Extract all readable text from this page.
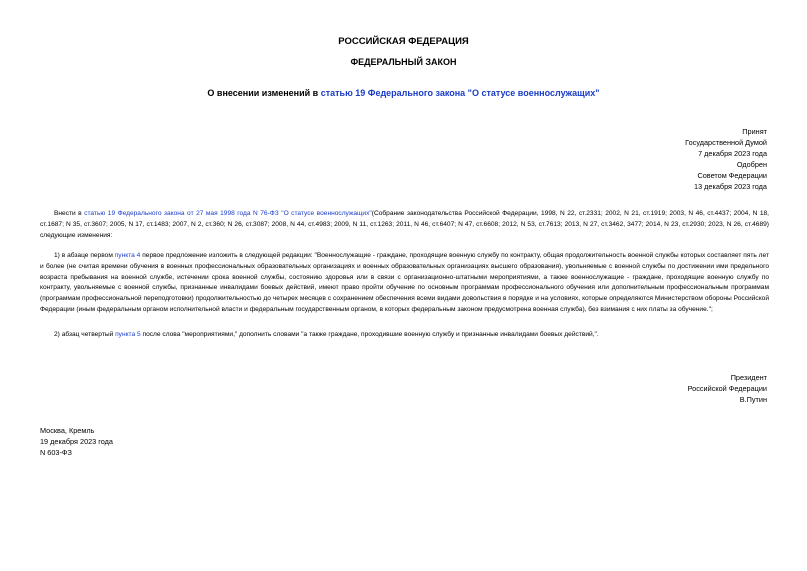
РОССИЙСКАЯ ФЕДЕРАЦИЯ
ФЕДЕРАЛЬНЫЙ ЗАКОН
О внесении изменений в статью 19 Федерального закона "О статусе военнослужащих"
Принят
Государственной Думой
7 декабря 2023 года
Одобрен
Советом Федерации
13 декабря 2023 года
Внести в статью 19 Федерального закона от 27 мая 1998 года N 76-ФЗ "О статусе военнослужащих"(Собрание законодательства Российской Федерации, 1998, N 22, ст.2331; 2002, N 21, ст.1919; 2003, N 46, ст.4437; 2004, N 18, ст.1687; N 35, ст.3607; 2005, N 17, ст.1483; 2007, N 2, ст.360; N 26, ст.3087; 2008, N 44, ст.4983; 2009, N 11, ст.1263; 2011, N 46, ст.6407; N 47, ст.6608; 2012, N 53, ст.7613; 2013, N 27, ст.3462, 3477; 2014, N 23, ст.2930; 2023, N 26, ст.4689) следующие изменения:
1) в абзаце первом пункта 4 первое предложение изложить в следующей редакции: "Военнослужащие - граждане, проходящие военную службу по контракту, общая продолжительность военной службы которых составляет пять лет и более (не считая времени обучения в военных профессиональных образовательных организациях и военных образовательных организациях высшего образования), увольняемые с военной службы по достижении ими предельного возраста пребывания на военной службе, истечении срока военной службы, состоянию здоровья или в связи с организационно-штатными мероприятиями, а также военнослужащие - граждане, проходящие военную службу по контракту, увольняемые с военной службы, признанные инвалидами боевых действий, имеют право пройти обучение по основным программам профессионального обучения или дополнительным профессиональным программам (программам профессиональной переподготовки) продолжительностью до четырех месяцев с сохранением обеспечения всеми видами довольствия в порядке и на условиях, которые определяются Министерством обороны Российской Федерации (иным федеральным органом исполнительной власти и федеральным государственным органом, в которых федеральным законом предусмотрена военная служба), без взимания с них платы за обучение.";
2) абзац четвертый пункта 5 после слова "мероприятиями," дополнить словами "а также граждане, проходившие военную службу и признанные инвалидами боевых действий,".
Президент
Российской Федерации
В.Путин
Москва, Кремль
19 декабря 2023 года
N 603-ФЗ
